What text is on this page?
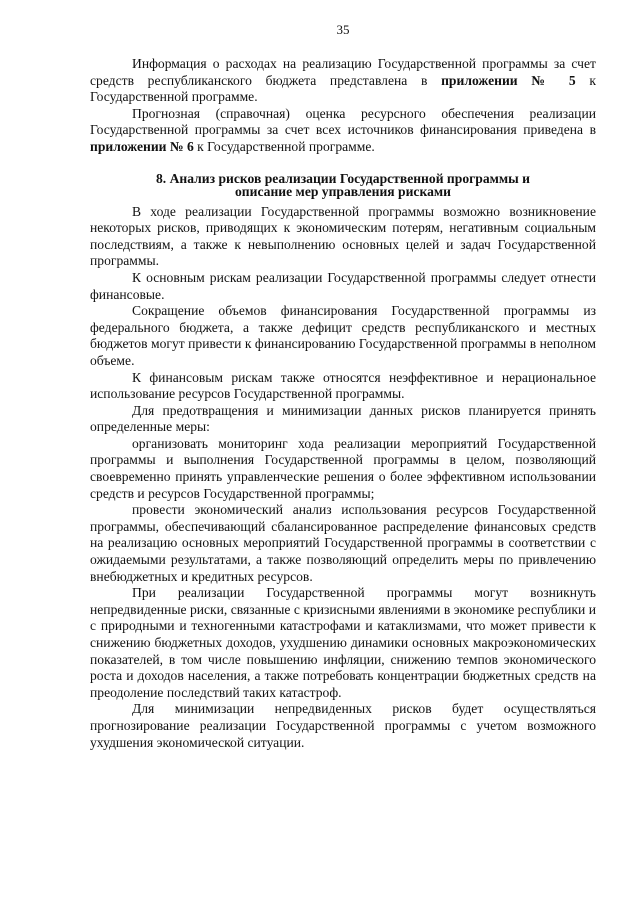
35

Информация о расходах на реализацию Государственной программы за счет средств республиканского бюджета представлена в приложении № 5 к Государственной программе.

Прогнозная (справочная) оценка ресурсного обеспечения реализации Государственной программы за счет всех источников финансирования приведена в приложении № 6 к Государственной программе.

8. Анализ рисков реализации Государственной программы и
описание мер управления рисками

В ходе реализации Государственной программы возможно возникновение некоторых рисков, приводящих к экономическим потерям, негативным социальным последствиям, а также к невыполнению основных целей и задач Государственной программы.

К основным рискам реализации Государственной программы следует отнести финансовые.

Сокращение объемов финансирования Государственной программы из федерального бюджета, а также дефицит средств республиканского и местных бюджетов могут привести к финансированию Государственной программы в неполном объеме.

К финансовым рискам также относятся неэффективное и нерациональное использование ресурсов Государственной программы.

Для предотвращения и минимизации данных рисков планируется принять определенные меры:

организовать мониторинг хода реализации мероприятий Государственной программы и выполнения Государственной программы в целом, позволяющий своевременно принять управленческие решения о более эффективном использовании средств и ресурсов Государственной программы;

провести экономический анализ использования ресурсов Государственной программы, обеспечивающий сбалансированное распределение финансовых средств на реализацию основных мероприятий Государственной программы в соответствии с ожидаемыми результатами, а также позволяющий определить меры по привлечению внебюджетных и кредитных ресурсов.

При реализации Государственной программы могут возникнуть непредвиденные риски, связанные с кризисными явлениями в экономике республики и с природными и техногенными катастрофами и катаклизмами, что может привести к снижению бюджетных доходов, ухудшению динамики основных макроэкономических показателей, в том числе повышению инфляции, снижению темпов экономического роста и доходов населения, а также потребовать концентрации бюджетных средств на преодоление последствий таких катастроф.

Для минимизации непредвиденных рисков будет осуществляться прогнозирование реализации Государственной программы с учетом возможного ухудшения экономической ситуации.
